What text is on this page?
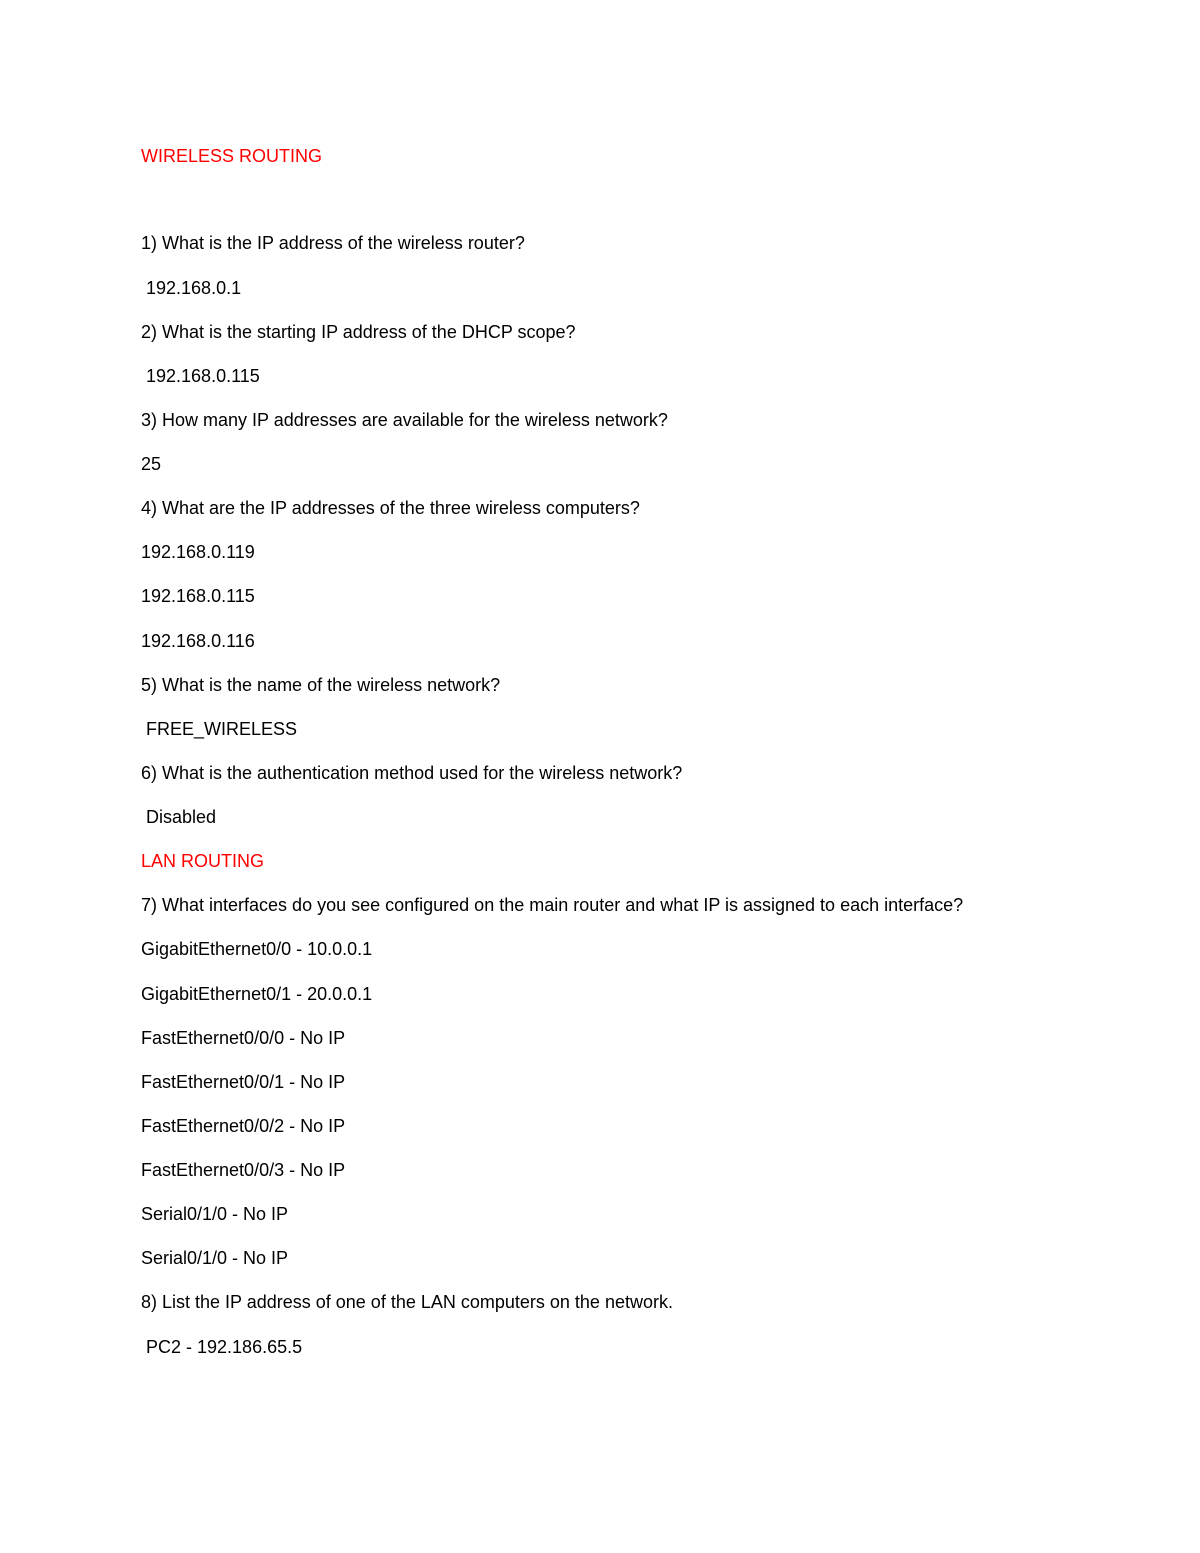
WIRELESS ROUTING
1) What is the IP address of the wireless router?
192.168.0.1
2) What is the starting IP address of the DHCP scope?
192.168.0.115
3) How many IP addresses are available for the wireless network?
25
4) What are the IP addresses of the three wireless computers?
192.168.0.119
192.168.0.115
192.168.0.116
5) What is the name of the wireless network?
FREE_WIRELESS
6) What is the authentication method used for the wireless network?
Disabled
LAN ROUTING
7) What interfaces do you see configured on the main router and what IP is assigned to each interface?
GigabitEthernet0/0 - 10.0.0.1
GigabitEthernet0/1 - 20.0.0.1
FastEthernet0/0/0 - No IP
FastEthernet0/0/1 - No IP
FastEthernet0/0/2 - No IP
FastEthernet0/0/3 - No IP
Serial0/1/0 - No IP
Serial0/1/0 - No IP
8) List the IP address of one of the LAN computers on the network.
PC2 - 192.186.65.5
